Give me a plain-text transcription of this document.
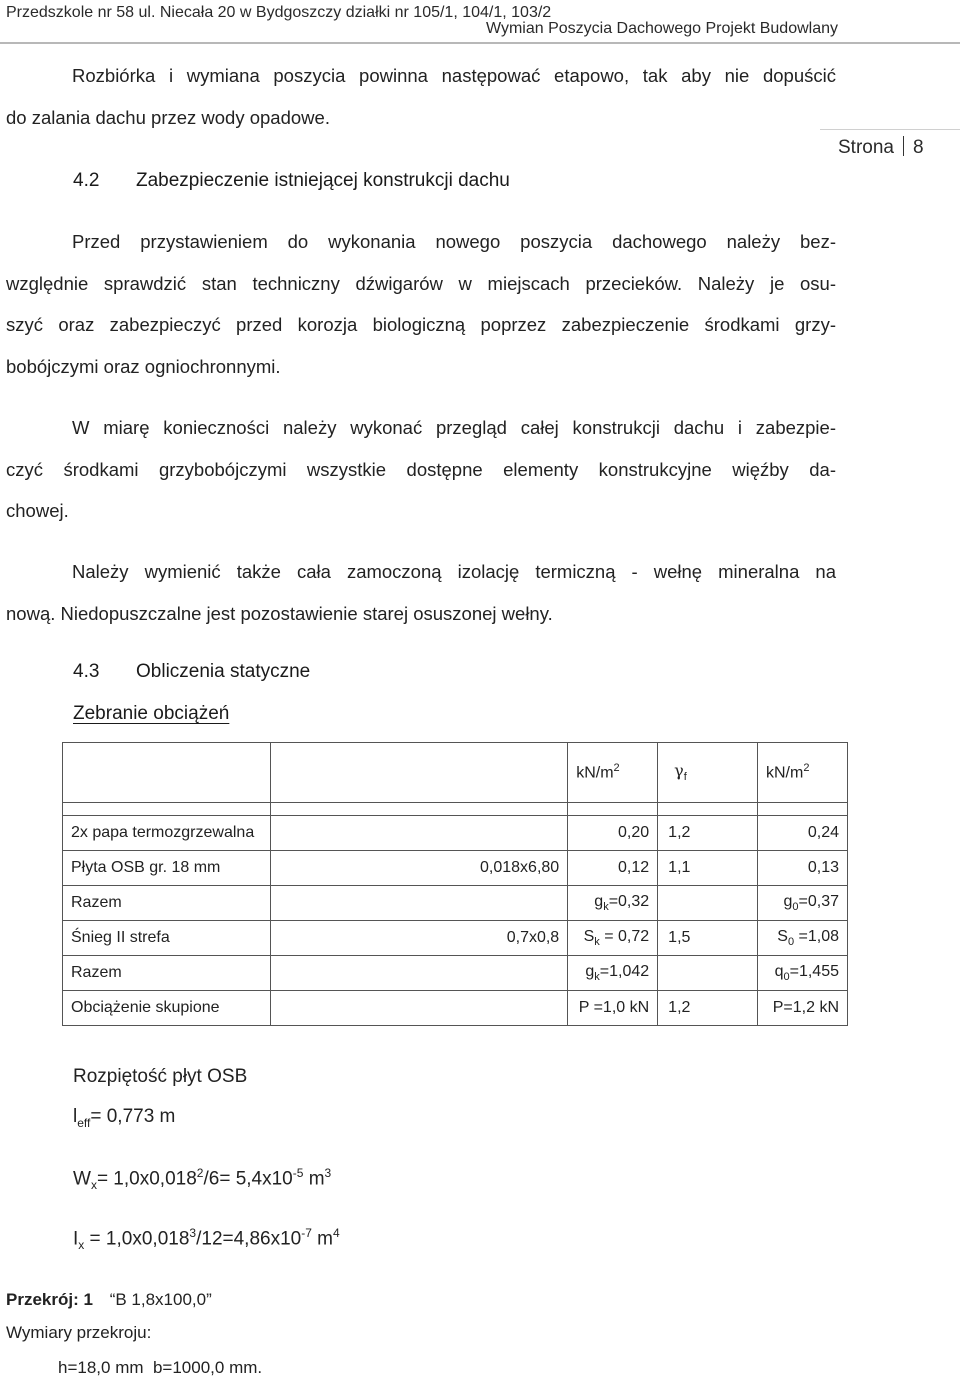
Przedszkole nr 58 ul. Niecała 20 w Bydgoszczy działki nr 105/1, 104/1, 103/2
Wymian Poszycia Dachowego Projekt Budowlany
Strona 8
Rozbiórka i wymiana poszycia powinna następować etapowo, tak aby nie dopuścić
do zalania dachu przez wody opadowe.
4.2 Zabezpieczenie istniejącej konstrukcji dachu
Przed przystawieniem do wykonania nowego poszycia dachowego należy bez-
względnie sprawdzić stan techniczny dźwigarów w miejscach przecieków. Należy je osu-
szyć oraz zabezpieczyć przed korozja biologiczną poprzez zabezpieczenie środkami grzy-
bobójczymi oraz ogniochronnymi.
W miarę konieczności należy wykonać przegląd całej konstrukcji dachu i zabezpie-
czyć środkami grzybobójczymi wszystkie dostępne elementy konstrukcyjne więźby da-
chowej.
Należy wymienić także cała zamoczoną izolację termiczną - wełnę mineralna na
nową. Niedopuszczalne jest pozostawienie starej osuszonej wełny.
4.3 Obliczenia statyczne
Zebranie obciążeń
		$kN/m^2$	$\gamma_f$	$kN/m^2$

2x papa termozgrzewalna		0,20	1,2	0,24
Płyta OSB gr. 18 mm	0,018x6,80	0,12	1,1	0,13
Razem		$g_k=0,32$		$g_0=0,37$
Śnieg II strefa	0,7x0,8	$S_k = 0,72$	1,5	$S_0 =1,08$
Razem		$g_k=1,042$		$q_0=1,455$
Obciążenie skupione		P =1,0 kN	1,2	P=1,2 kN
Rozpiętość płyt OSB
$l_{eff}= 0,773$ m
$W_x= 1,0x0,018^2/6= 5,4x10^{-5}$ $m^3$
$I_x = 1,0x0,018^3/12=4,86x10^{-7}$ $m^4$
Przekrój: 1 “B 1,8x100,0”
Wymiary przekroju:
h=18,0 mm  b=1000,0 mm.
